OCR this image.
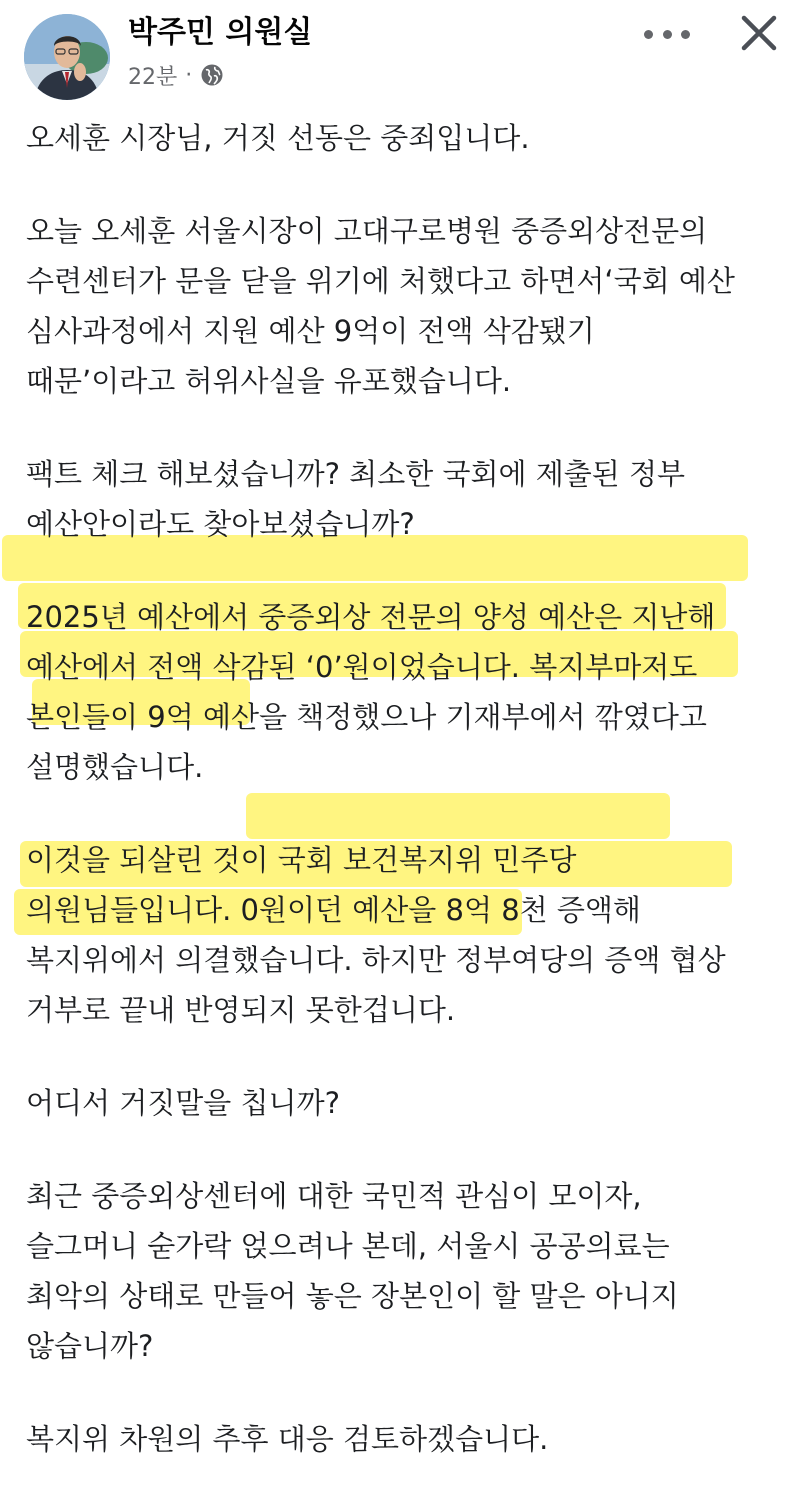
박주민 의원실
22분 ·

오세훈 시장님, 거짓 선동은 중죄입니다.

오늘 오세훈 서울시장이 고대구로병원 중증외상전문의
수련센터가 문을 닫을 위기에 처했다고 하면서‘국회 예산
심사과정에서 지원 예산 9억이 전액 삭감됐기
때문’이라고 허위사실을 유포했습니다.

팩트 체크 해보셨습니까? 최소한 국회에 제출된 정부
예산안이라도 찾아보셨습니까?

2025년 예산에서 중증외상 전문의 양성 예산은 지난해
예산에서 전액 삭감된 ‘0’원이었습니다. 복지부마저도
본인들이 9억 예산을 책정했으나 기재부에서 깎였다고
설명했습니다.

이것을 되살린 것이 국회 보건복지위 민주당
의원님들입니다. 0원이던 예산을 8억 8천 증액해
복지위에서 의결했습니다. 하지만 정부여당의 증액 협상
거부로 끝내 반영되지 못한겁니다.

어디서 거짓말을 칩니까?

최근 중증외상센터에 대한 국민적 관심이 모이자,
슬그머니 숟가락 얹으려나 본데, 서울시 공공의료는
최악의 상태로 만들어 놓은 장본인이 할 말은 아니지
않습니까?

복지위 차원의 추후 대응 검토하겠습니다.
